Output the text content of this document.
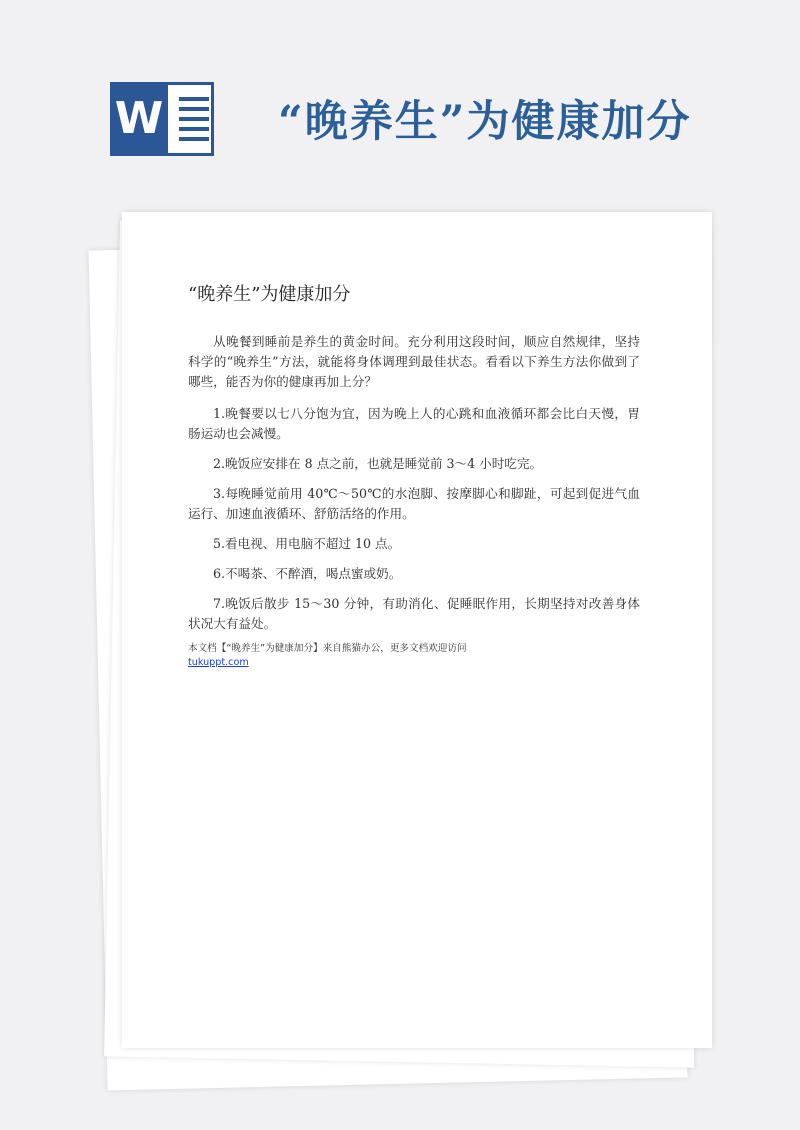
W	“晚养生”为健康加分
“晚养生”为健康加分

从晚餐到睡前是养生的黄金时间。充分利用这段时间，顺应自然规律，坚持科学的“晚养生”方法，就能将身体调理到最佳状态。看看以下养生方法你做到了哪些，能否为你的健康再加上分？

1.晚餐要以七八分饱为宜，因为晚上人的心跳和血液循环都会比白天慢，胃肠运动也会减慢。

2.晚饭应安排在 8 点之前，也就是睡觉前 3～4 小时吃完。

3.每晚睡觉前用 40℃～50℃的水泡脚、按摩脚心和脚趾，可起到促进气血运行、加速血液循环、舒筋活络的作用。

5.看电视、用电脑不超过 10 点。

6.不喝茶、不醉酒，喝点蜜或奶。

7.晚饭后散步 15～30 分钟，有助消化、促睡眠作用，长期坚持对改善身体状况大有益处。

本文档【“晚养生”为健康加分】来自熊猫办公，更多文档欢迎访问
tukuppt.com
